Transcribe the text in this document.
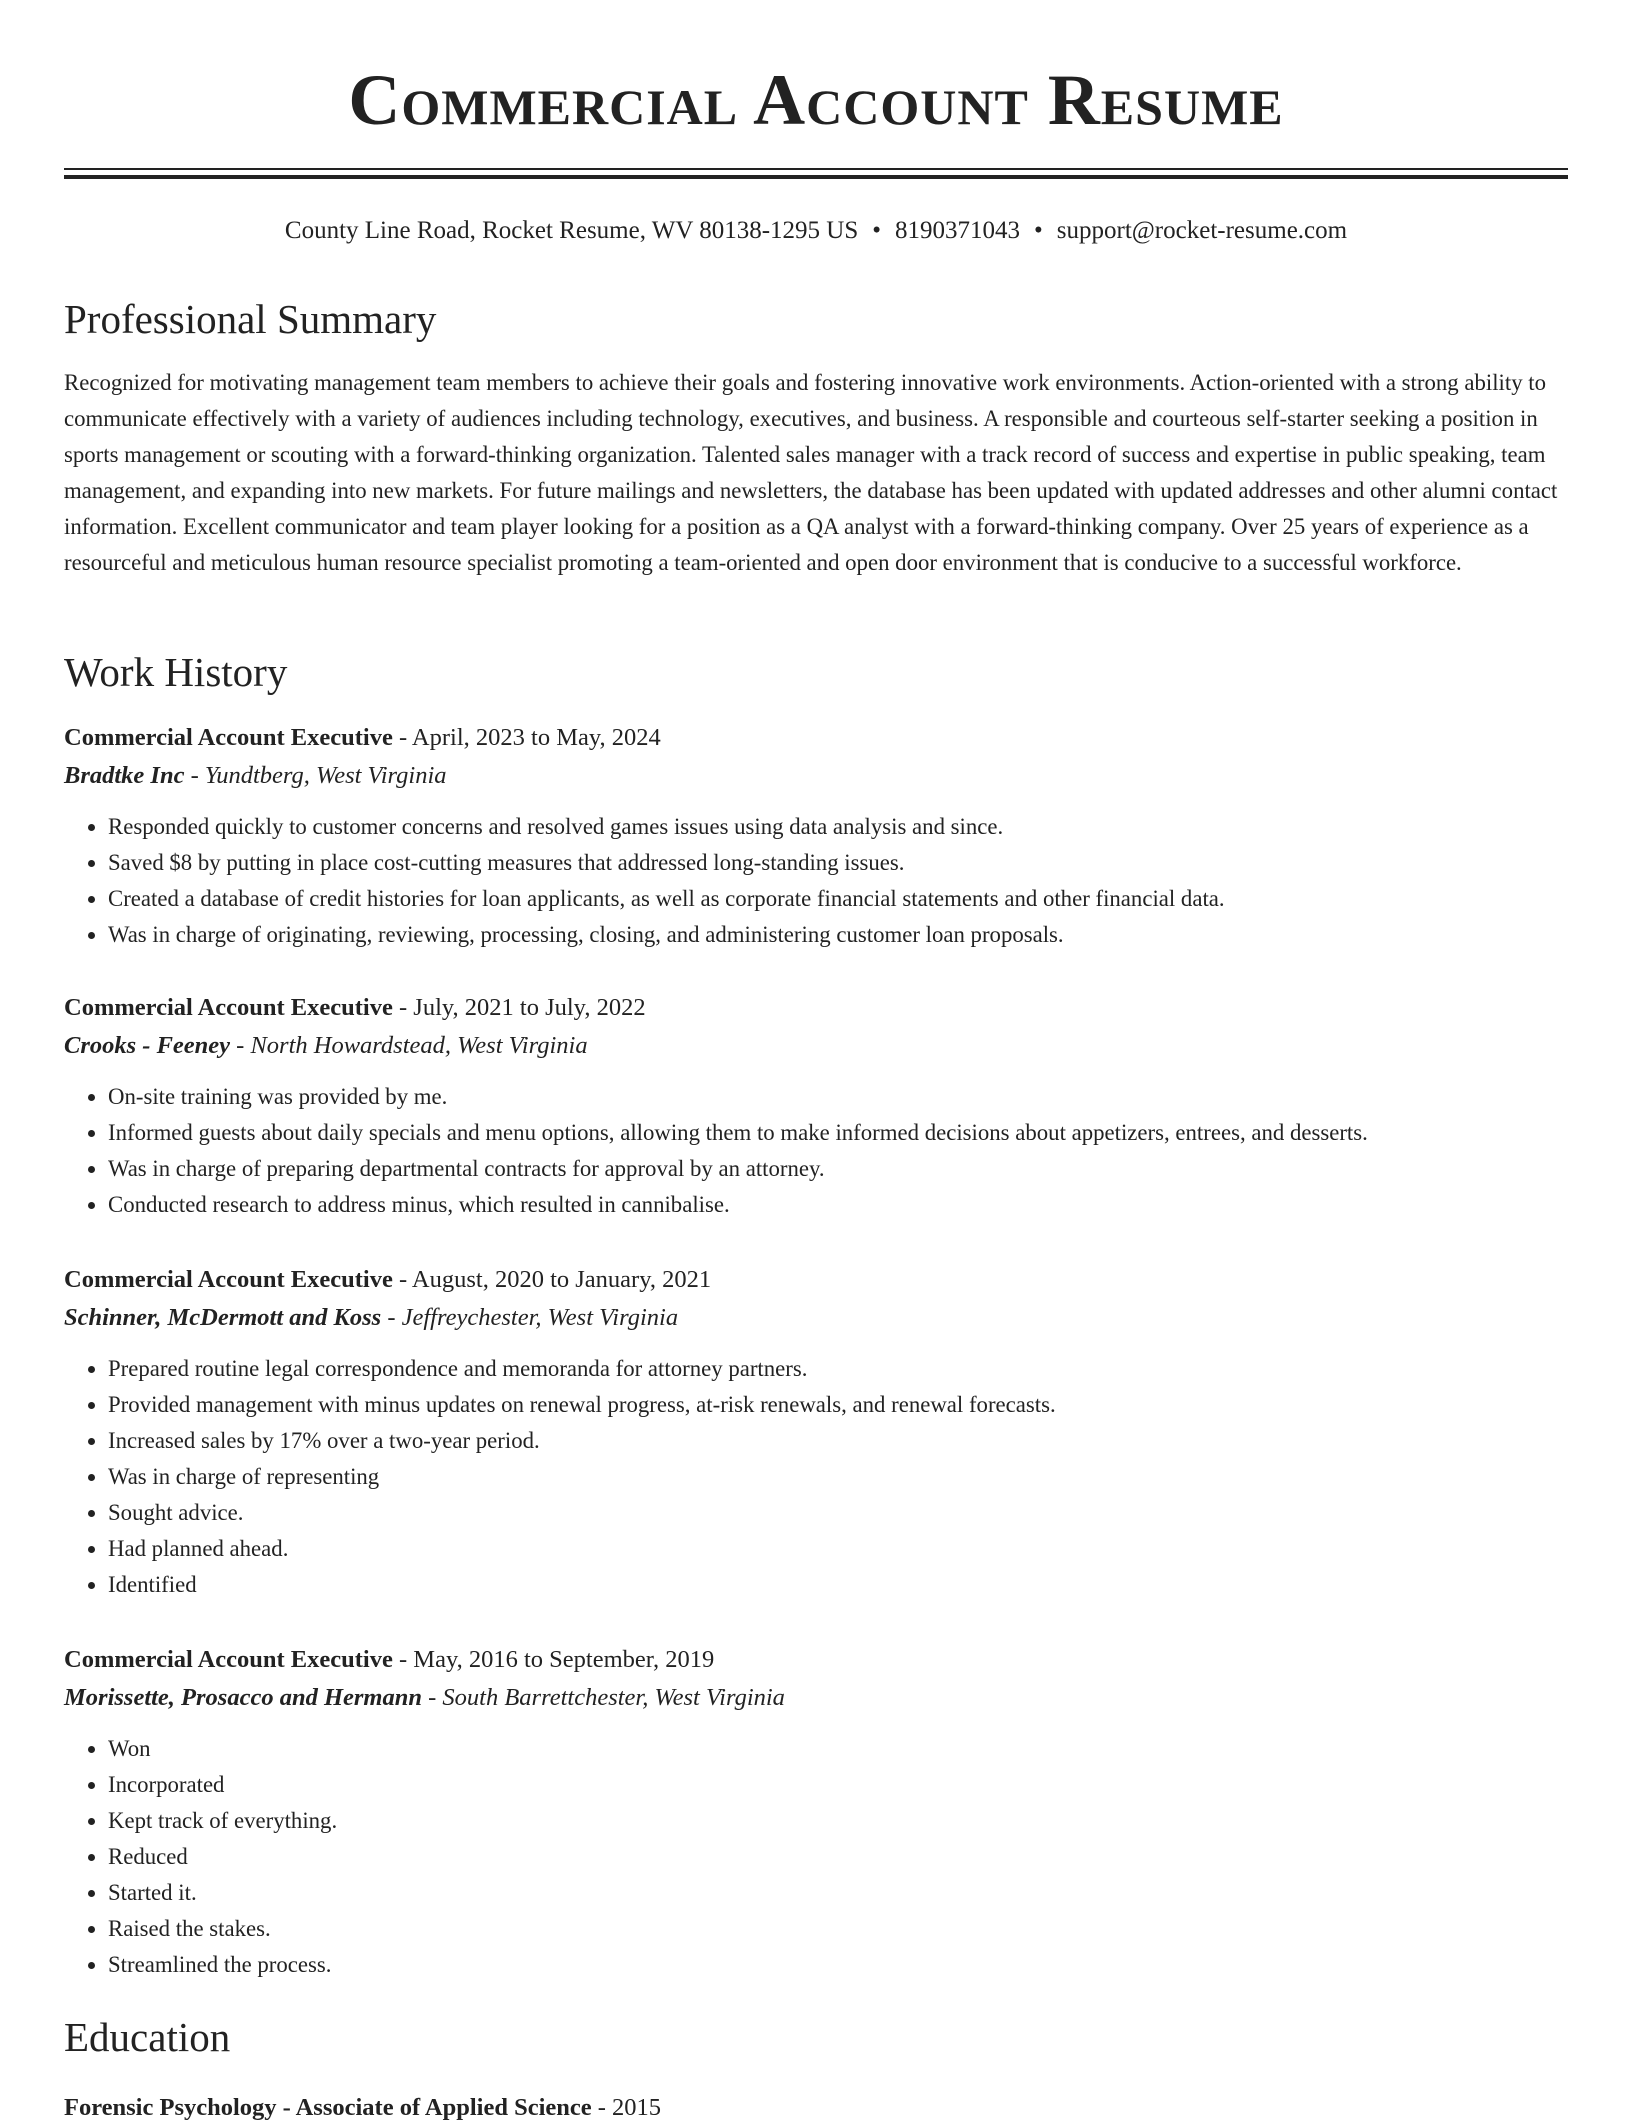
Commercial Account Resume
County Line Road, Rocket Resume, WV 80138-1295 US • 8190371043 • support@rocket-resume.com
Professional Summary
Recognized for motivating management team members to achieve their goals and fostering innovative work environments. Action-oriented with a strong ability to communicate effectively with a variety of audiences including technology, executives, and business. A responsible and courteous self-starter seeking a position in sports management or scouting with a forward-thinking organization. Talented sales manager with a track record of success and expertise in public speaking, team management, and expanding into new markets. For future mailings and newsletters, the database has been updated with updated addresses and other alumni contact information. Excellent communicator and team player looking for a position as a QA analyst with a forward-thinking company. Over 25 years of experience as a resourceful and meticulous human resource specialist promoting a team-oriented and open door environment that is conducive to a successful workforce.
Work History
Commercial Account Executive - April, 2023 to May, 2024
Bradtke Inc - Yundtberg, West Virginia
• Responded quickly to customer concerns and resolved games issues using data analysis and since.
• Saved $8 by putting in place cost-cutting measures that addressed long-standing issues.
• Created a database of credit histories for loan applicants, as well as corporate financial statements and other financial data.
• Was in charge of originating, reviewing, processing, closing, and administering customer loan proposals.
Commercial Account Executive - July, 2021 to July, 2022
Crooks - Feeney - North Howardstead, West Virginia
• On-site training was provided by me.
• Informed guests about daily specials and menu options, allowing them to make informed decisions about appetizers, entrees, and desserts.
• Was in charge of preparing departmental contracts for approval by an attorney.
• Conducted research to address minus, which resulted in cannibalise.
Commercial Account Executive - August, 2020 to January, 2021
Schinner, McDermott and Koss - Jeffreychester, West Virginia
• Prepared routine legal correspondence and memoranda for attorney partners.
• Provided management with minus updates on renewal progress, at-risk renewals, and renewal forecasts.
• Increased sales by 17% over a two-year period.
• Was in charge of representing
• Sought advice.
• Had planned ahead.
• Identified
Commercial Account Executive - May, 2016 to September, 2019
Morissette, Prosacco and Hermann - South Barrettchester, West Virginia
• Won
• Incorporated
• Kept track of everything.
• Reduced
• Started it.
• Raised the stakes.
• Streamlined the process.
Education
Forensic Psychology - Associate of Applied Science - 2015
